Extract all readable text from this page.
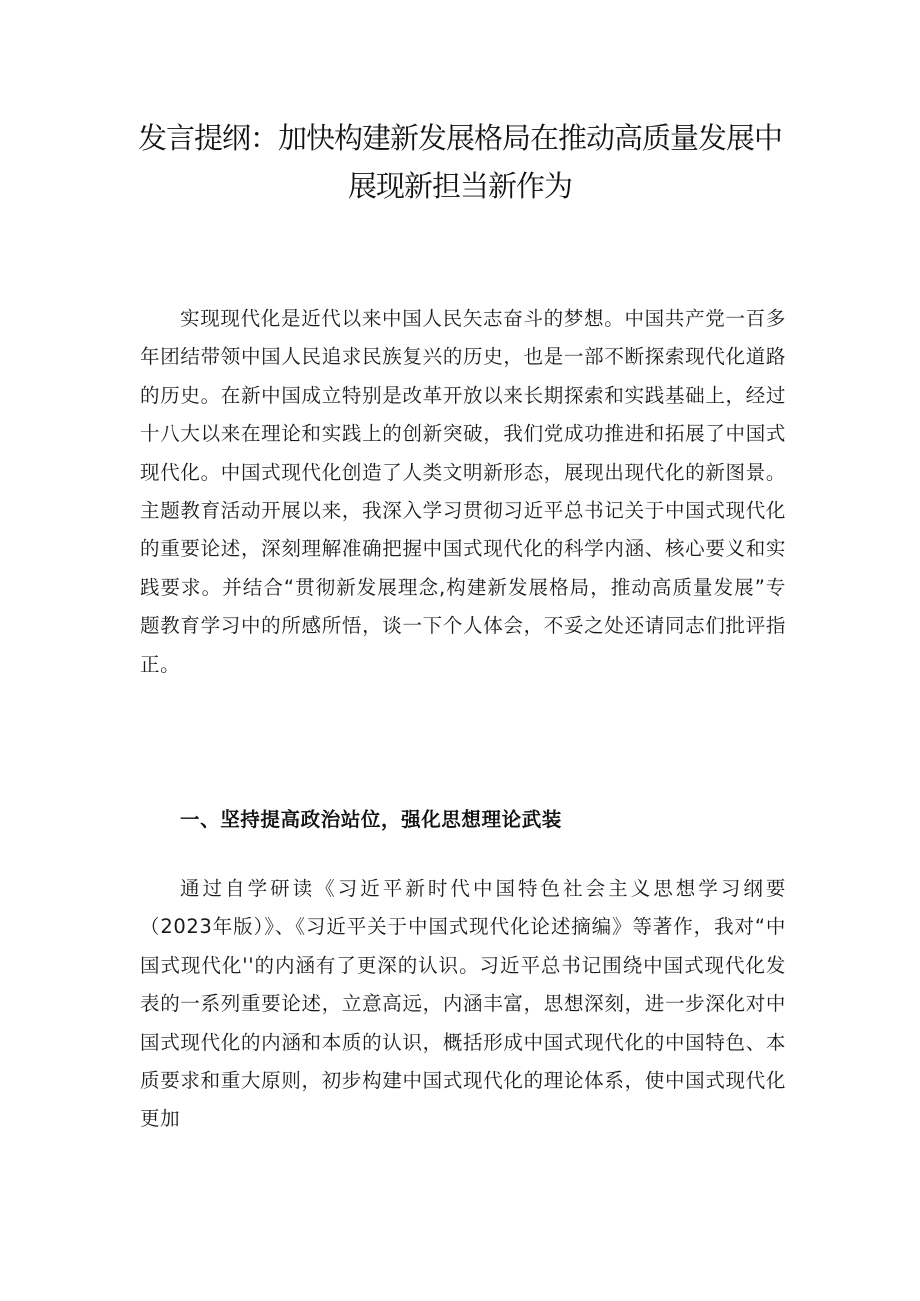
发言提纲：加快构建新发展格局在推动高质量发展中
展现新担当新作为

实现现代化是近代以来中国人民矢志奋斗的梦想。中国共产党一百多年团结带领中国人民追求民族复兴的历史，也是一部不断探索现代化道路的历史。在新中国成立特别是改革开放以来长期探索和实践基础上，经过十八大以来在理论和实践上的创新突破，我们党成功推进和拓展了中国式现代化。中国式现代化创造了人类文明新形态，展现出现代化的新图景。主题教育活动开展以来，我深入学习贯彻习近平总书记关于中国式现代化的重要论述，深刻理解准确把握中国式现代化的科学内涵、核心要义和实践要求。并结合“贯彻新发展理念,构建新发展格局，推动高质量发展”专题教育学习中的所感所悟，谈一下个人体会，不妥之处还请同志们批评指正。

一、坚持提高政治站位，强化思想理论武装

通过自学研读《习近平新时代中国特色社会主义思想学习纲要（2023年版）》、《习近平关于中国式现代化论述摘编》等著作，我对“中国式现代化''的内涵有了更深的认识。习近平总书记围绕中国式现代化发表的一系列重要论述，立意高远，内涵丰富，思想深刻，进一步深化对中国式现代化的内涵和本质的认识，概括形成中国式现代化的中国特色、本质要求和重大原则，初步构建中国式现代化的理论体系，使中国式现代化更加
